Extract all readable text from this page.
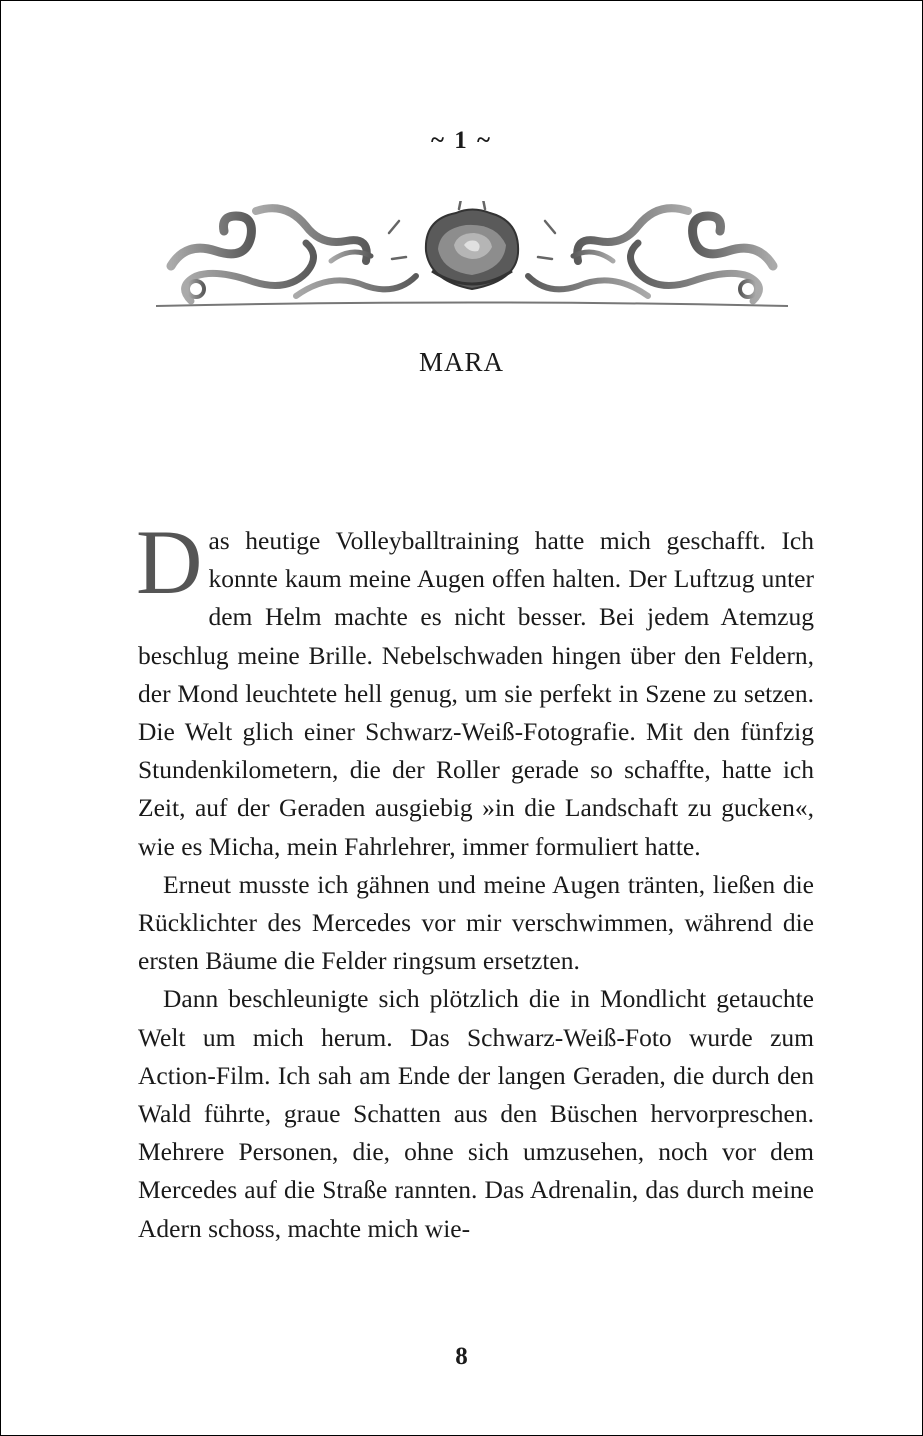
~ 1 ~
MARA

Das heutige Volleyballtraining hatte mich geschafft. Ich konnte kaum meine Augen offen halten. Der Luftzug unter dem Helm machte es nicht besser. Bei jedem Atemzug beschlug meine Brille. Nebelschwaden hingen über den Feldern, der Mond leuchtete hell genug, um sie perfekt in Szene zu setzen. Die Welt glich einer Schwarz-Weiß-Fotografie. Mit den fünfzig Stundenkilometern, die der Roller gerade so schaffte, hatte ich Zeit, auf der Geraden ausgiebig »in die Landschaft zu gucken«, wie es Micha, mein Fahrlehrer, immer formuliert hatte.

Erneut musste ich gähnen und meine Augen tränten, ließen die Rücklichter des Mercedes vor mir verschwimmen, während die ersten Bäume die Felder ringsum ersetzten.

Dann beschleunigte sich plötzlich die in Mondlicht getauchte Welt um mich herum. Das Schwarz-Weiß-Foto wurde zum Action-Film. Ich sah am Ende der langen Geraden, die durch den Wald führte, graue Schatten aus den Büschen hervorpreschen. Mehrere Personen, die, ohne sich umzusehen, noch vor dem Mercedes auf die Straße rannten. Das Adrenalin, das durch meine Adern schoss, machte mich wie-

8
